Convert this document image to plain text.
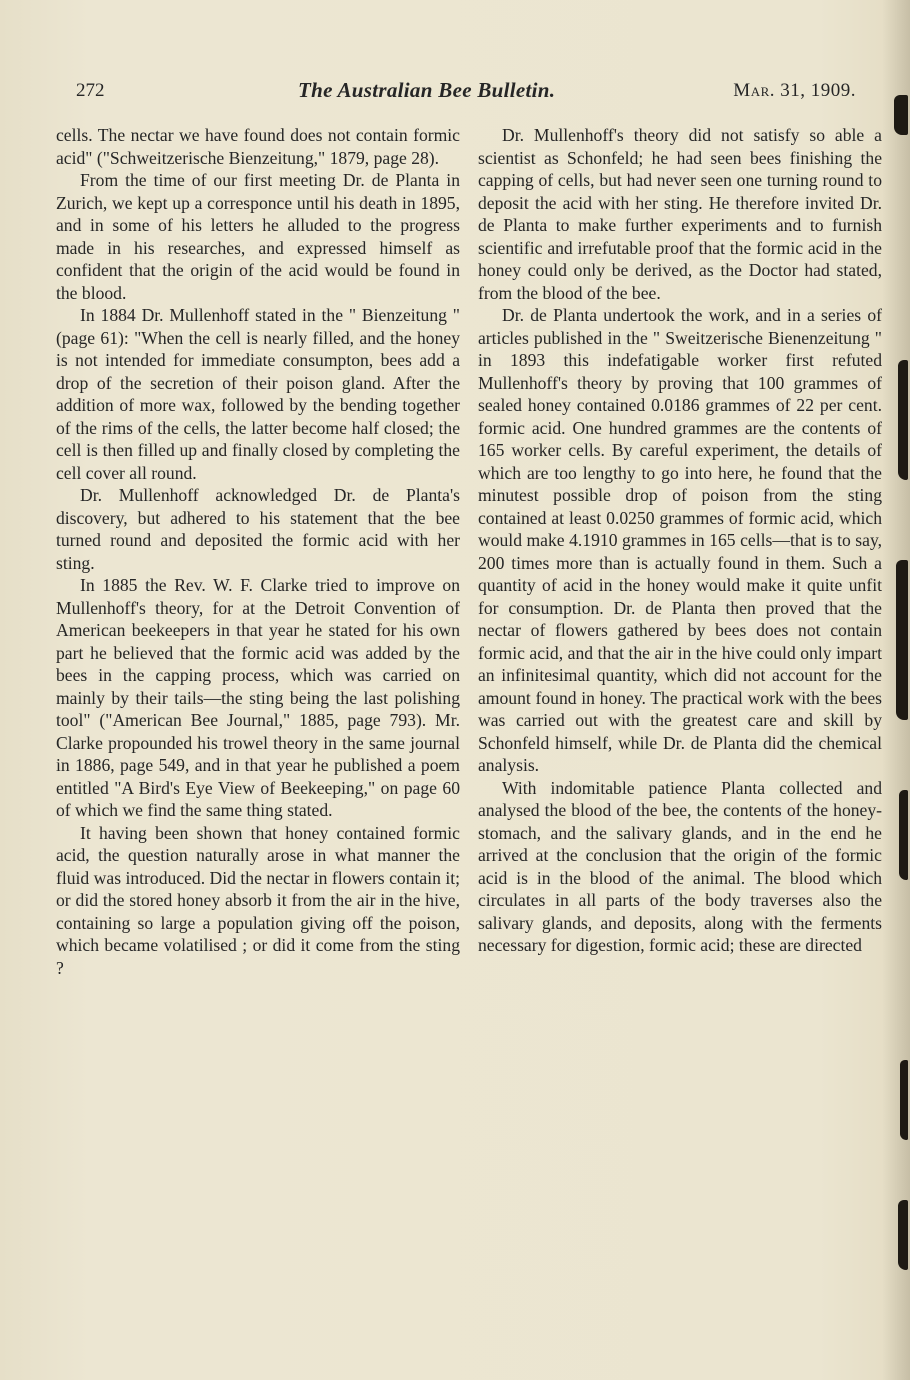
272	The Australian Bee Bulletin.	Mar. 31, 1909.

cells. The nectar we have found does not contain formic acid" ("Schweitzerische Bienzeitung," 1879, page 28).

From the time of our first meeting Dr. de Planta in Zurich, we kept up a corresponce until his death in 1895, and in some of his letters he alluded to the progress made in his researches, and expressed himself as confident that the origin of the acid would be found in the blood.

In 1884 Dr. Mullenhoff stated in the " Bienzeitung " (page 61): "When the cell is nearly filled, and the honey is not intended for immediate consumpton, bees add a drop of the secretion of their poison gland. After the addition of more wax, followed by the bending together of the rims of the cells, the latter become half closed; the cell is then filled up and finally closed by completing the cell cover all round.

Dr. Mullenhoff acknowledged Dr. de Planta's discovery, but adhered to his statement that the bee turned round and deposited the formic acid with her sting.

In 1885 the Rev. W. F. Clarke tried to improve on Mullenhoff's theory, for at the Detroit Convention of American beekeepers in that year he stated for his own part he believed that the formic acid was added by the bees in the capping process, which was carried on mainly by their tails—the sting being the last polishing tool" ("American Bee Journal," 1885, page 793). Mr. Clarke propounded his trowel theory in the same journal in 1886, page 549, and in that year he published a poem entitled "A Bird's Eye View of Beekeeping," on page 60 of which we find the same thing stated.

It having been shown that honey contained formic acid, the question naturally arose in what manner the fluid was introduced. Did the nectar in flowers contain it; or did the stored honey absorb it from the air in the hive, containing so large a population giving off the poison, which became volatilised ; or did it come from the sting ?

Dr. Mullenhoff's theory did not satisfy so able a scientist as Schonfeld; he had seen bees finishing the capping of cells, but had never seen one turning round to deposit the acid with her sting. He therefore invited Dr. de Planta to make further experiments and to furnish scientific and irrefutable proof that the formic acid in the honey could only be derived, as the Doctor had stated, from the blood of the bee.

Dr. de Planta undertook the work, and in a series of articles published in the " Sweitzerische Bienenzeitung " in 1893 this indefatigable worker first refuted Mullenhoff's theory by proving that 100 grammes of sealed honey contained 0.0186 grammes of 22 per cent. formic acid. One hundred grammes are the contents of 165 worker cells. By careful experiment, the details of which are too lengthy to go into here, he found that the minutest possible drop of poison from the sting contained at least 0.0250 grammes of formic acid, which would make 4.1910 grammes in 165 cells—that is to say, 200 times more than is actually found in them. Such a quantity of acid in the honey would make it quite unfit for consumption. Dr. de Planta then proved that the nectar of flowers gathered by bees does not contain formic acid, and that the air in the hive could only impart an infinitesimal quantity, which did not account for the amount found in honey. The practical work with the bees was carried out with the greatest care and skill by Schonfeld himself, while Dr. de Planta did the chemical analysis.

With indomitable patience Planta collected and analysed the blood of the bee, the contents of the honey-stomach, and the salivary glands, and in the end he arrived at the conclusion that the origin of the formic acid is in the blood of the animal. The blood which circulates in all parts of the body traverses also the salivary glands, and deposits, along with the ferments necessary for digestion, formic acid; these are directed
